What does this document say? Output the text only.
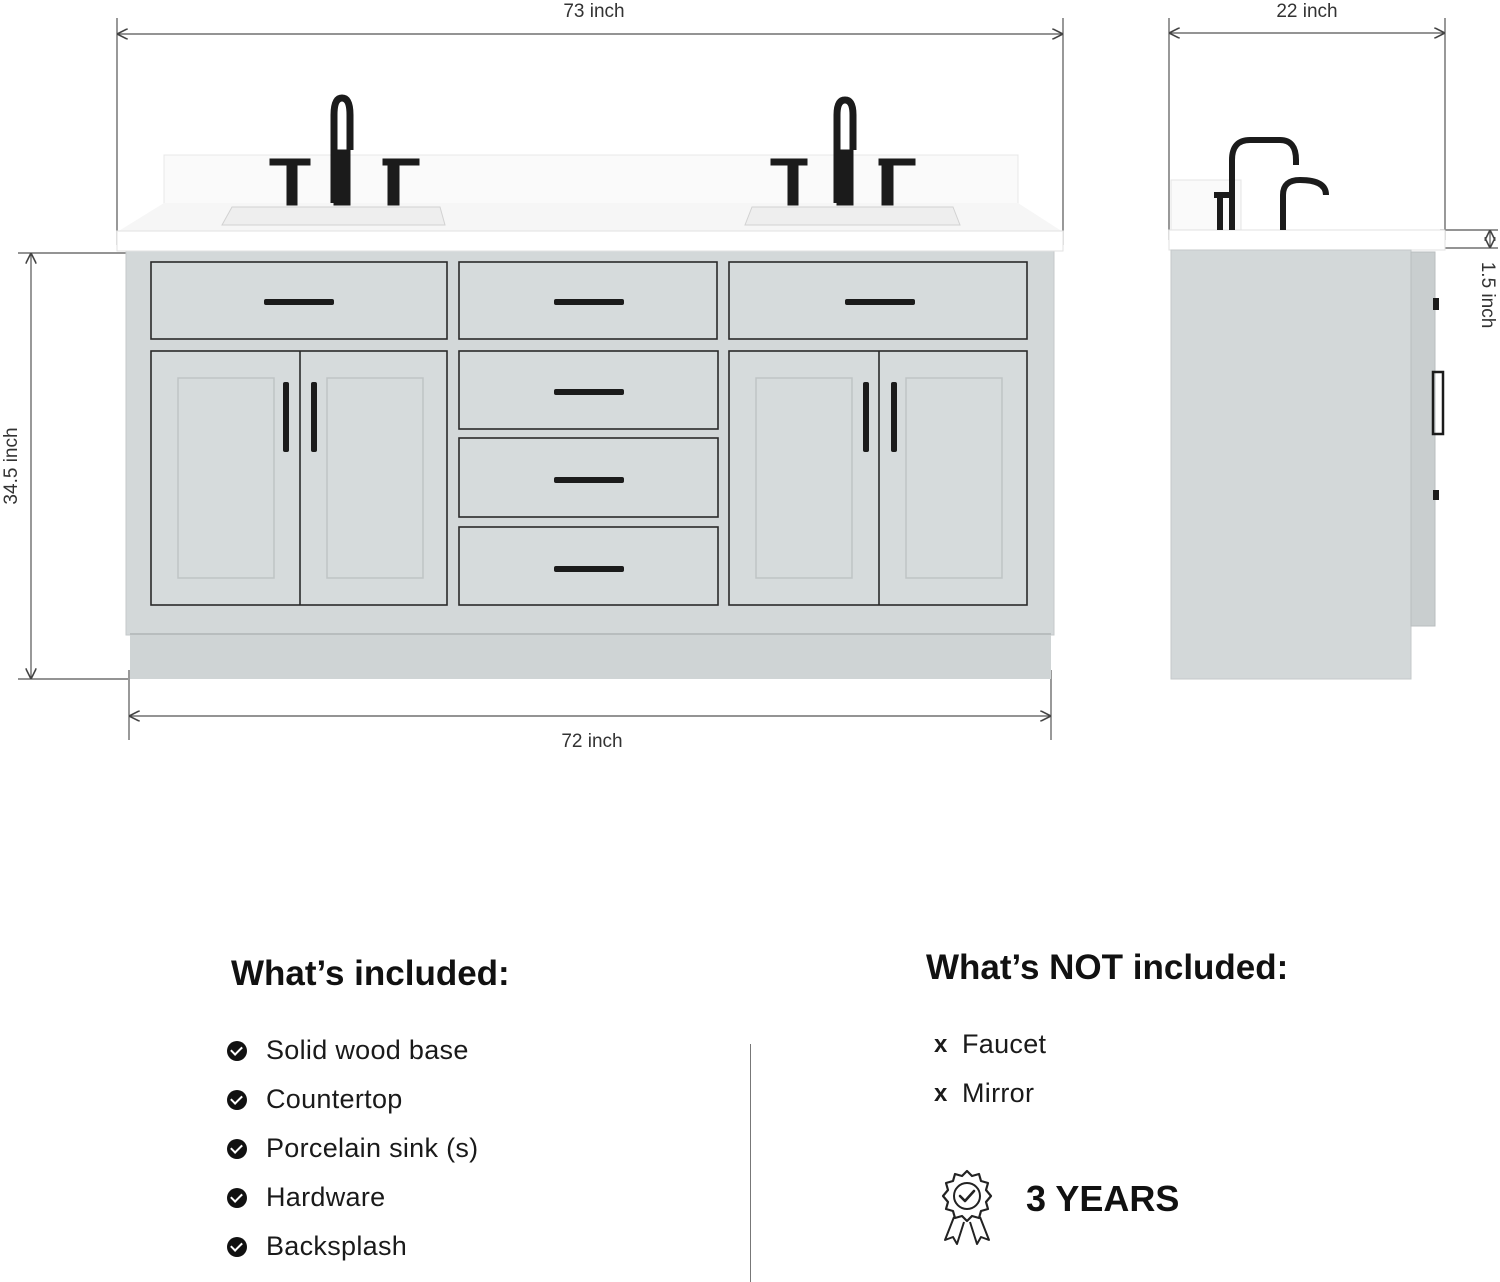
73 inch	22 inch
34.5 inch
72 inch
1.5 inch
What’s included:
Solid wood base
Countertop
Porcelain sink (s)
Hardware
Backsplash
What’s NOT included:
x Faucet
x Mirror
3 YEARS
